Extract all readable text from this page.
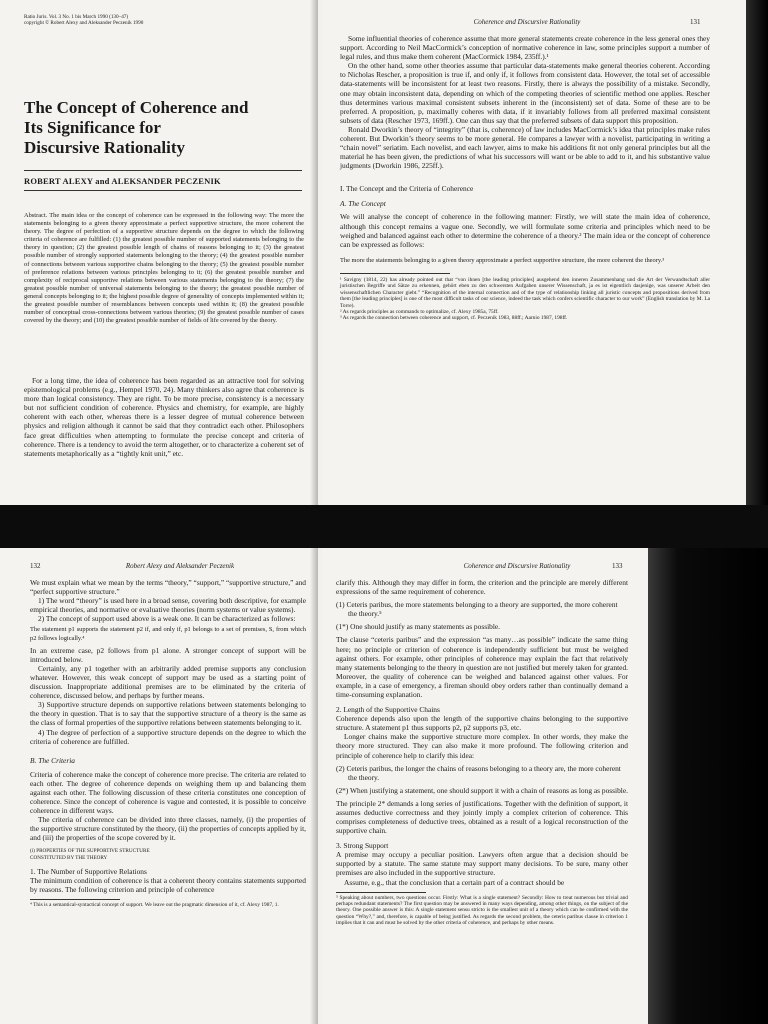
Ratio Juris. Vol. 3 No. 1 bis March 1990 (130–47)
copyright © Robert Alexy and Aleksander Peczenik 1990
The Concept of Coherence and
Its Significance for
Discursive Rationality
ROBERT ALEXY and ALEKSANDER PECZENIK

Abstract. The main idea or the concept of coherence can be expressed in the following way: The more the statements belonging to a given theory approximate a perfect supportive structure, the more coherent the theory. The degree of perfection of a supportive structure depends on the degree to which the following criteria of coherence are fulfilled: (1) the greatest possible number of supported statements belonging to the theory in question; (2) the greatest possible length of chains of reasons belonging to it; (3) the greatest possible number of strongly supported statements belonging to the theory; (4) the greatest possible number of connections between various supportive chains belonging to the theory; (5) the greatest possible number of preference relations between various principles belonging to it; (6) the greatest possible number and complexity of reciprocal supportive relations between various statements belonging to the theory; (7) the greatest possible number of universal statements belonging to the theory; the greatest possible number of general concepts belonging to it; the highest possible degree of generality of concepts implemented within it; the greatest possible number of resemblances between concepts used within it; (8) the greatest possible number of conceptual cross-connections between various theories; (9) the greatest possible number of cases covered by the theory; and (10) the greatest possible number of fields of life covered by the theory.

For a long time, the idea of coherence has been regarded as an attractive tool for solving epistemological problems (e.g., Hempel 1970, 24). Many thinkers also agree that coherence is more than logical consistency. They are right. To be more precise, consistency is a necessary but not sufficient condition of coherence. Physics and chemistry, for example, are highly coherent with each other, whereas there is a lesser degree of mutual coherence between physics and religion although it cannot be said that they contradict each other. Philosophers face great difficulties when attempting to formulate the precise concept and criteria of coherence. There is a tendency to avoid the term altogether, or to characterize a coherent set of statements metaphorically as a “tightly knit unit,” etc.

Coherence and Discursive Rationality	131

Some influential theories of coherence assume that more general statements create coherence in the less general ones they support. According to Neil MacCormick’s conception of normative coherence in law, some principles support a number of legal rules, and thus make them coherent (MacCormick 1984, 235ff.).¹

On the other hand, some other theories assume that particular data-statements make general theories coherent. According to Nicholas Rescher, a proposition is true if, and only if, it follows from consistent data. However, the total set of accessible data-statements will be inconsistent for at least two reasons. Firstly, there is always the possibility of a mistake. Secondly, one may obtain inconsistent data, depending on which of the competing theories of scientific method one applies. Rescher thus determines various maximal consistent subsets inherent in the (inconsistent) set of data. Some of these are to be preferred. A proposition, p, maximally coheres with data, if it invariably follows from all preferred maximal consistent subsets of data (Rescher 1973, 169ff.). One can thus say that the preferred subsets of data support this proposition.

Ronald Dworkin’s theory of “integrity” (that is, coherence) of law includes MacCormick’s idea that principles make rules coherent. But Dworkin’s theory seems to be more general. He compares a lawyer with a novelist, participating in writing a “chain novel” seriatim. Each novelist, and each lawyer, aims to make his additions fit not only general principles but all the material he has been given, the predictions of what his successors will want or be able to add to it, and his substantive value judgments (Dworkin 1986, 225ff.).

I. The Concept and the Criteria of Coherence
A. The Concept

We will analyse the concept of coherence in the following manner: Firstly, we will state the main idea of coherence, although this concept remains a vague one. Secondly, we will formulate some criteria and principles which need to be weighed and balanced against each other to determine the coherence of a theory.² The main idea or the concept of coherence can be expressed as follows:

The more the statements belonging to a given theory approximate a perfect supportive structure, the more coherent the theory.³

¹ Savigny (1814, 22) has already pointed out that “von ihnen [the leading principles] ausgehend den inneren Zusammenhang und die Art der Verwandtschaft aller juristischen Begriffe und Sätze zu erkennen, gehört eben zu den schwersten Aufgaben unserer Wissenschaft, ja es ist eigentlich dasjenige, was unserer Arbeit den wissenschaftlichen Character giebt.” “Recognition of the internal connection and of the type of relationship linking all juristic concepts and propositions derived from them [the leading principles] is one of the most difficult tasks of our science, indeed the task which confers scientific character to our work” (English translation by M. La Torre).

² As regards principles as commands to optimalize, cf. Alexy 1985a, 75ff.

³ As regards the connection between coherence and support, cf. Peczenik 1983, 88ff.; Aarnio 1987, 198ff.

132	Robert Alexy and Aleksander Peczenik

We must explain what we mean by the terms “theory,” “support,” “supportive structure,” and “perfect supportive structure.”

1) The word “theory” is used here in a broad sense, covering both descriptive, for example empirical theories, and normative or evaluative theories (norm systems or value systems).

2) The concept of support used above is a weak one. It can be characterized as follows:

The statement p1 supports the statement p2 if, and only if, p1 belongs to a set of premises, S, from which p2 follows logically.⁴

In an extreme case, p2 follows from p1 alone. A stronger concept of support will be introduced below.

Certainly, any p1 together with an arbitrarily added premise supports any conclusion whatever. However, this weak concept of support may be used as a starting point of discussion. Inappropriate additional premises are to be eliminated by the criteria of coherence, discussed below, and perhaps by further means.

3) Supportive structure depends on supportive relations between statements belonging to the theory in question. That is to say that the supportive structure of a theory is the same as the class of formal properties of the supportive relations between statements belonging to it.

4) The degree of perfection of a supportive structure depends on the degree to which the criteria of coherence are fulfilled.

B. The Criteria

Criteria of coherence make the concept of coherence more precise. The criteria are related to each other. The degree of coherence depends on weighing them up and balancing them against each other. The following discussion of these criteria constitutes one conception of coherence. Since the concept of coherence is vague and contested, it is possible to conceive coherence in different ways.

The criteria of coherence can be divided into three classes, namely, (i) the properties of the supportive structure constituted by the theory, (ii) the properties of concepts applied by it, and (iii) the properties of the scope covered by it.

(i) PROPERTIES OF THE SUPPORTIVE STRUCTURE
CONSTITUTED BY THE THEORY
1. The Number of Supportive Relations

The minimum condition of coherence is that a coherent theory contains statements supported by reasons. The following criterion and principle of coherence

⁴ This is a semantical-syntactical concept of support. We leave out the pragmatic dimension of it, cf. Alexy 1987, 1.

Coherence and Discursive Rationality	133

clarify this. Although they may differ in form, the criterion and the principle are merely different expressions of the same requirement of coherence.

(1) Ceteris paribus, the more statements belonging to a theory are supported, the more coherent the theory.⁵

(1*) One should justify as many statements as possible.

The clause “ceteris paribus” and the expression “as many…as possible” indicate the same thing here; no principle or criterion of coherence is independently sufficient but must be weighed against others. For example, other principles of coherence may explain the fact that relatively many statements belonging to the theory in question are not justified but merely taken for granted. Moreover, the quality of coherence can be weighed and balanced against other values. For example, in a case of emergency, a fireman should obey orders rather than continually demand a time-consuming explanation.

2. Length of the Supportive Chains

Coherence depends also upon the length of the supportive chains belonging to the supportive structure. A statement p1 thus supports p2, p2 supports p3, etc.

Longer chains make the supportive structure more complex. In other words, they make the theory more structured. They can also make it more profound. The following criterion and principle of coherence help to clarify this idea:

(2) Ceteris paribus, the longer the chains of reasons belonging to a theory are, the more coherent the theory.

(2*) When justifying a statement, one should support it with a chain of reasons as long as possible.

The principle 2* demands a long series of justifications. Together with the definition of support, it assumes deductive correctness and they jointly imply a complex criterion of coherence. This comprises completeness of deductive trees, obtained as a result of a logical reconstruction of the supportive chain.

3. Strong Support

A premise may occupy a peculiar position. Lawyers often argue that a decision should be supported by a statute. The same statute may support many decisions. To be sure, many other premises are also included in the supportive structure.

Assume, e.g., that the conclusion that a certain part of a contract should be

⁵ Speaking about numbers, two questions occur. Firstly: What is a single statement? Secondly: How to treat numerous but trivial and perhaps redundant statements? The first question may be answered in many ways depending, among other things, on the subject of the theory. One possible answer is this: A single statement sensu stricto is the smallest unit of a theory which can be confirmed with the question “Why?,” and, therefore, is capable of being justified. As regards the second problem, the ceteris paribus clause in criterion 1 implies that it can and must be solved by the other criteria of coherence, and perhaps by other means.
